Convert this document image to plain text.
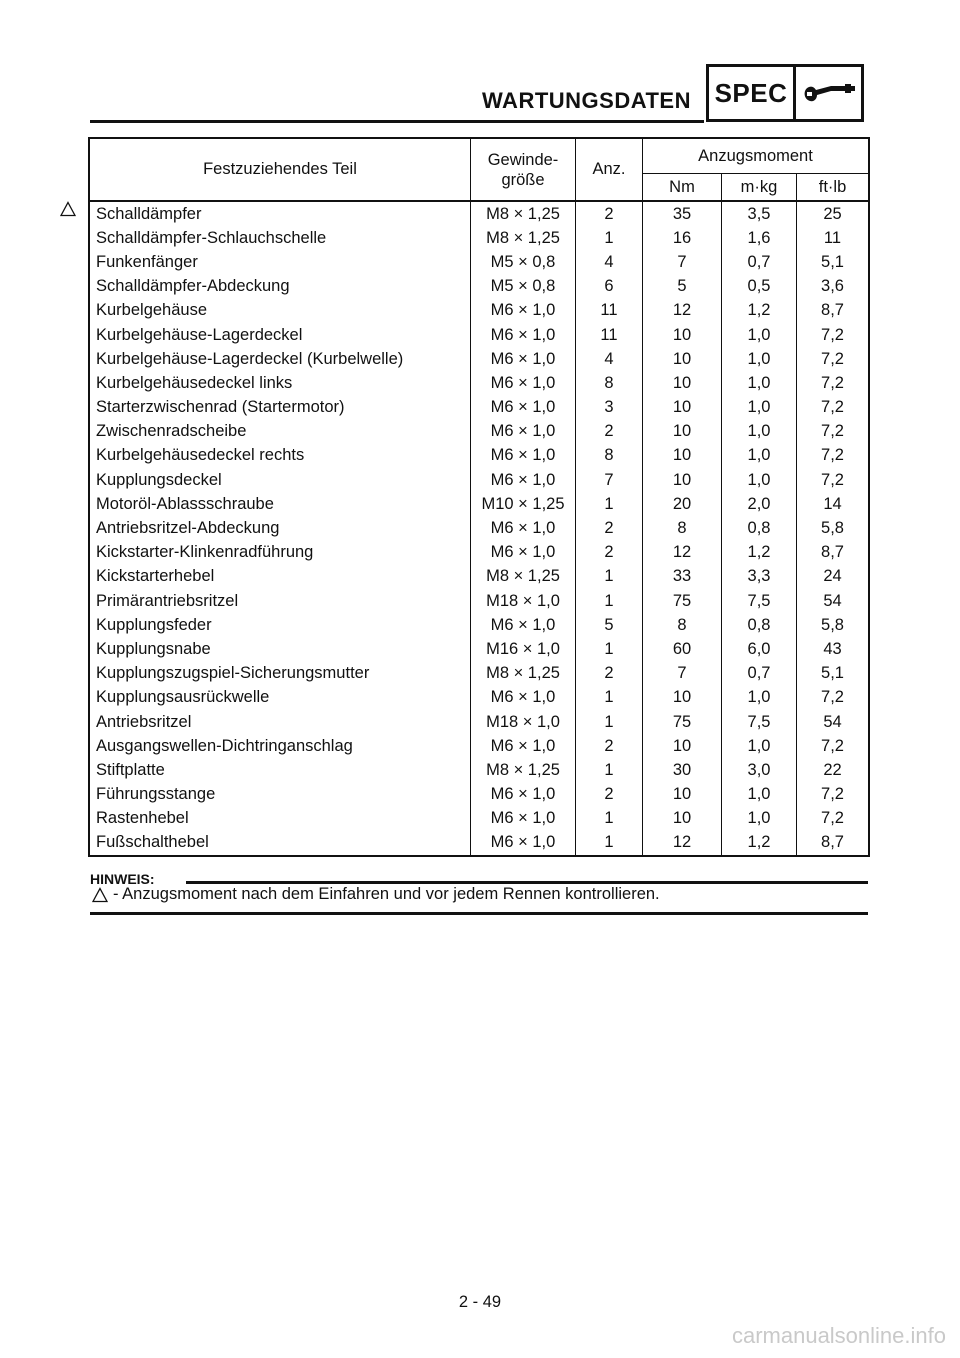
WARTUNGSDATEN SPEC
Festzuziehendes Teil	Gewinde-
größe	Anz.	Anzugsmoment		
			Nm	m·kg	ft·lb
Schalldämpfer	M8 × 1,25	2	35	3,5	25
Schalldämpfer-Schlauchschelle	M8 × 1,25	1	16	1,6	11
Funkenfänger	M5 × 0,8	4	7	0,7	5,1
Schalldämpfer-Abdeckung	M5 × 0,8	6	5	0,5	3,6
Kurbelgehäuse	M6 × 1,0	11	12	1,2	8,7
Kurbelgehäuse-Lagerdeckel	M6 × 1,0	11	10	1,0	7,2
Kurbelgehäuse-Lagerdeckel (Kurbelwelle)	M6 × 1,0	4	10	1,0	7,2
Kurbelgehäusedeckel links	M6 × 1,0	8	10	1,0	7,2
Starterzwischenrad (Startermotor)	M6 × 1,0	3	10	1,0	7,2
Zwischenradscheibe	M6 × 1,0	2	10	1,0	7,2
Kurbelgehäusedeckel rechts	M6 × 1,0	8	10	1,0	7,2
Kupplungsdeckel	M6 × 1,0	7	10	1,0	7,2
Motoröl-Ablassschraube	M10 × 1,25	1	20	2,0	14
Antriebsritzel-Abdeckung	M6 × 1,0	2	8	0,8	5,8
Kickstarter-Klinkenradführung	M6 × 1,0	2	12	1,2	8,7
Kickstarterhebel	M8 × 1,25	1	33	3,3	24
Primärantriebsritzel	M18 × 1,0	1	75	7,5	54
Kupplungsfeder	M6 × 1,0	5	8	0,8	5,8
Kupplungsnabe	M16 × 1,0	1	60	6,0	43
Kupplungszugspiel-Sicherungsmutter	M8 × 1,25	2	7	0,7	5,1
Kupplungsausrückwelle	M6 × 1,0	1	10	1,0	7,2
Antriebsritzel	M18 × 1,0	1	75	7,5	54
Ausgangswellen-Dichtringanschlag	M6 × 1,0	2	10	1,0	7,2
Stiftplatte	M8 × 1,25	1	30	3,0	22
Führungsstange	M6 × 1,0	2	10	1,0	7,2
Rastenhebel	M6 × 1,0	1	10	1,0	7,2
Fußschalthebel	M6 × 1,0	1	12	1,2	8,7
HINWEIS:
- Anzugsmoment nach dem Einfahren und vor jedem Rennen kontrollieren.
2 - 49
carmanualsonline.info
